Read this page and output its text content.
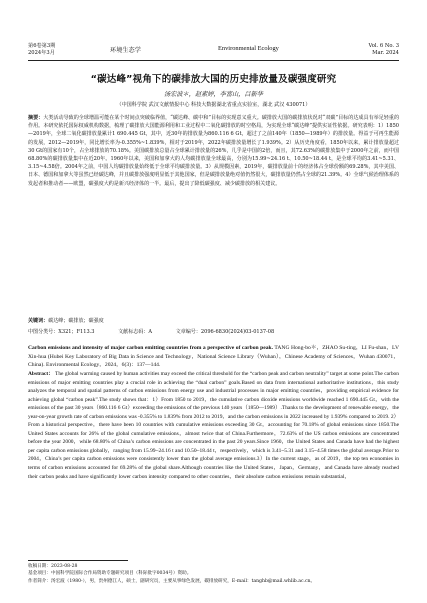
第6卷第3期
2024年3月	环境生态学	Environmental Ecology	Vol. 6 No. 3
Mar. 2024
“碳达峰”视角下的碳排放大国的历史排放量及碳强度研究
汤宏波＊，赵素婷，李富山，吕新华
（中国科学院 武汉文献情报中心 科技大数据湖北省重点实验室，湖北 武汉 430071）
摘要：大类活动导致的全球增温可能在某个时间点突破临界值，“碳达峰、碳中和”目标的实现意义重大。碳排放大国的碳排放状况对“双碳”目标的达成具有举足轻重的作用。本研究依托国际权威机构数据，梳理了碳排放大国能源利用和工业过程中二氧化碳排放的时空格局，为实现全球“碳达峰”提供实证性依据。研究表明：1）1850—2019年，全球二氧化碳排放量累计1 690.445 Gt，其中，近30年的排放量为860.116 6 Gt，超过了之前140年（1850—1989年）的排放量。得益于可再生能源的发展，2012—2019年，同比增长率为-0.355%~1.839%，相对于2019年，2022年碳排放量增长了1.939%。2）从历史角度看，1850年以来，累计排放量超过30 Gt的国家有10个，占全球排放的70.18%。美国碳排放总量占全球累计排放量的26%，几乎是中国的2倍，而且，其72.63%的碳排放集中于2000年之前，而中国68.80%的碳排放量集中在近20年。1960年以来，美国和加拿大的人均碳排放量全球最高，分别为15.99~24.16 t、10.50~18.44 t，是全球平均的3.41~5.31、3.15~4.58倍。2004年之前，中国人均碳排放量始终低于全球平均碳排放量。3）从规模因素，2019年，碳排放量前十的经济体占全球份额的69.28%，其中美国、日本、德国和加拿大等虽然已经碳达峰，并且碳排放强度明显低于其他国家，但是碳排放量绝对值仍然很大，碳排放量仍然占全球的21.39%。4）全球气候治理体系的发起者和推动者——欧盟，碳强度大约是新兴经济体的一半。最后，提出了降低碳强度、减少碳排放的相关建议。
关键词：碳达峰；碳排放；碳强度
中图分类号：X321；F113.3	文献标志码：A	文章编号：2096-6830(2024)03-0137-08
Carbon emissions and intensity of major carbon emitting countries from a perspective of carbon peak. TANG Hong-bo＊，ZHAO Su-ting，LI Fu-shan，LV Xin-hua (Hubei Key Laboratory of Big Data in Science and Technology，National Science Library（Wuhan），Chinese Academy of Sciences，Wuhan 430071，China). Environmental Ecology，2024，6(3)：137—144.
Abstract： The global warming caused by human activities may exceed the critical threshold for the “carbon peak and carbon neutrality” target at some point.The carbon emissions of major emitting countries play a crucial role in achieving the “dual carbon” goals.Based on data from international authoritative institutions，this study analyzes the temporal and spatial patterns of carbon emissions from energy use and industrial processes in major emitting countries，providing empirical evidence for achieving global “carbon peak”.The study shows that：1）From 1850 to 2019，the cumulative carbon dioxide emissions worldwide reached 1 690.445 Gt，with the emissions of the past 30 years（860.116 6 Gt）exceeding the emissions of the previous 140 years（1850—1989）.Thanks to the development of renewable energy，the year-on-year growth rate of carbon emissions was -0.355% to 1.839% from 2012 to 2019，and the carbon emissions in 2022 increased by 1.939% compared to 2019. 2）From a historical perspective，there have been 10 countries with cumulative emissions exceeding 30 Gt，accounting for 70.18% of global emissions since 1850.The United States accounts for 26% of the global cumulative emissions，almost twice that of China.Furthermore，72.63% of the US carbon emissions are concentrated before the year 2000，while 68.80% of China’s carbon emissions are concentrated in the past 20 years.Since 1960，the United States and Canada have had the highest per capita carbon emissions globally，ranging from 15.99~24.16 t and 10.50~18.44 t，respectively，which is 3.41~5.31 and 3.15~4.58 times the global average.Prior to 2004，China’s per capita carbon emissions were consistently lower than the global average emissions.3）In the current stage，as of 2019，the top ten economies in terms of carbon emissions accounted for 69.28% of the global share.Although countries like the United States，Japan，Germany，and Canada have already reached their carbon peaks and have significantly lower carbon intensity compared to other countries，their absolute carbon emissions remain substantial，
收稿日期：2023-08-28
基金项目：中国科学院国际合作局资助专题研究项目（科际批字0034号）资助。
作者简介：汤宏波（1980-），男，贵州德江人，硕士，副研究员，主要从事绿色发展，碳排放研究，E-mail：tanghb@mail.whlib.ac.cn。
